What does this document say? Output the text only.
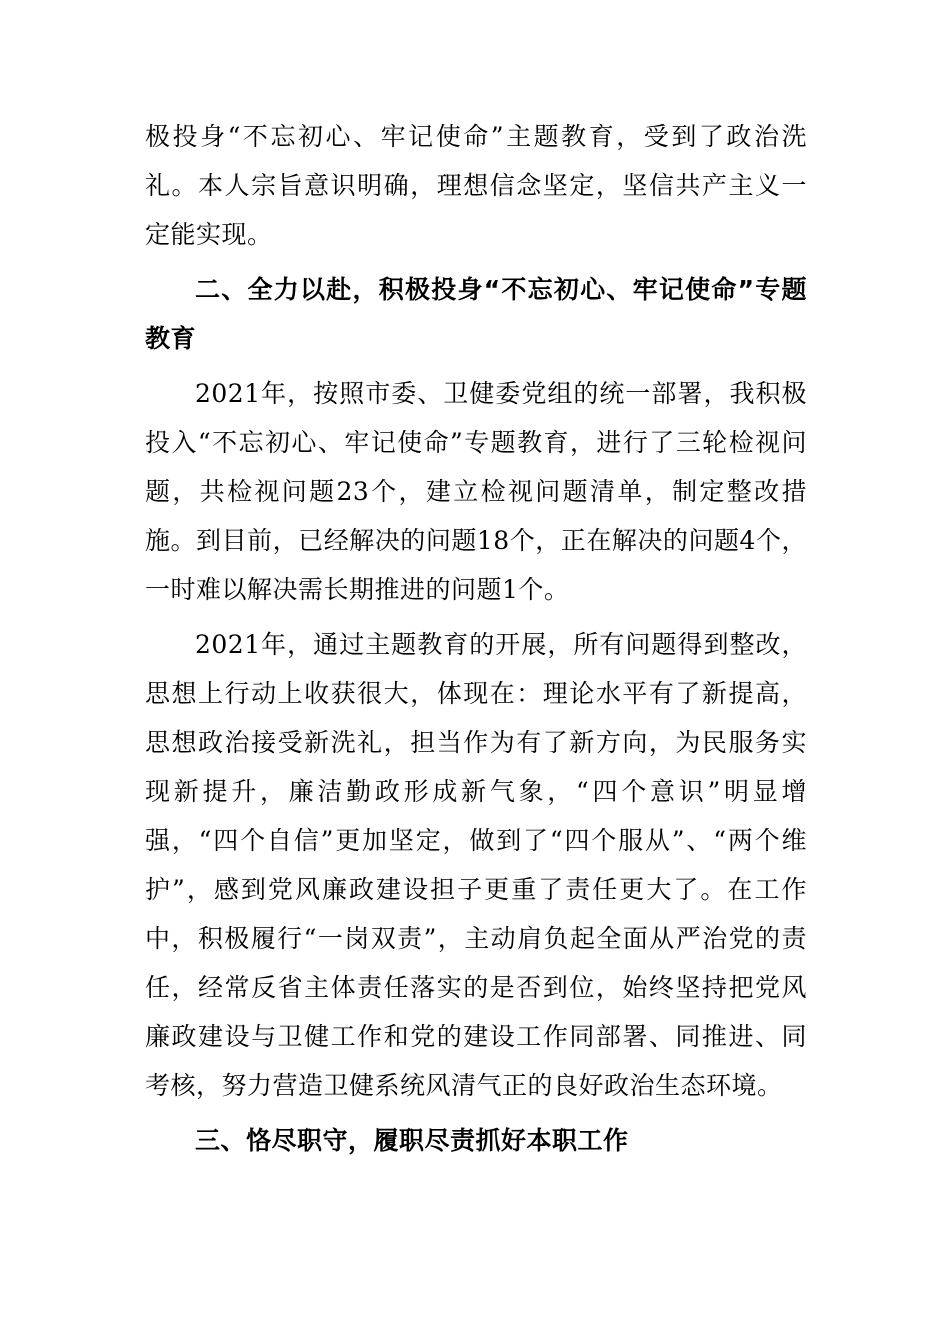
极投身“不忘初心、牢记使命”主题教育，受到了政治洗礼。本人宗旨意识明确，理想信念坚定，坚信共产主义一定能实现。

二、全力以赴，积极投身“不忘初心、牢记使命”专题教育

2021年，按照市委、卫健委党组的统一部署，我积极投入“不忘初心、牢记使命”专题教育，进行了三轮检视问题，共检视问题23个，建立检视问题清单，制定整改措施。到目前，已经解决的问题18个，正在解决的问题4个，一时难以解决需长期推进的问题1个。

2021年，通过主题教育的开展，所有问题得到整改，思想上行动上收获很大，体现在：理论水平有了新提高，思想政治接受新洗礼，担当作为有了新方向，为民服务实现新提升，廉洁勤政形成新气象，“四个意识”明显增强，“四个自信”更加坚定，做到了“四个服从”、“两个维护”，感到党风廉政建设担子更重了责任更大了。在工作中，积极履行“一岗双责”，主动肩负起全面从严治党的责任，经常反省主体责任落实的是否到位，始终坚持把党风廉政建设与卫健工作和党的建设工作同部署、同推进、同考核，努力营造卫健系统风清气正的良好政治生态环境。

三、恪尽职守，履职尽责抓好本职工作
